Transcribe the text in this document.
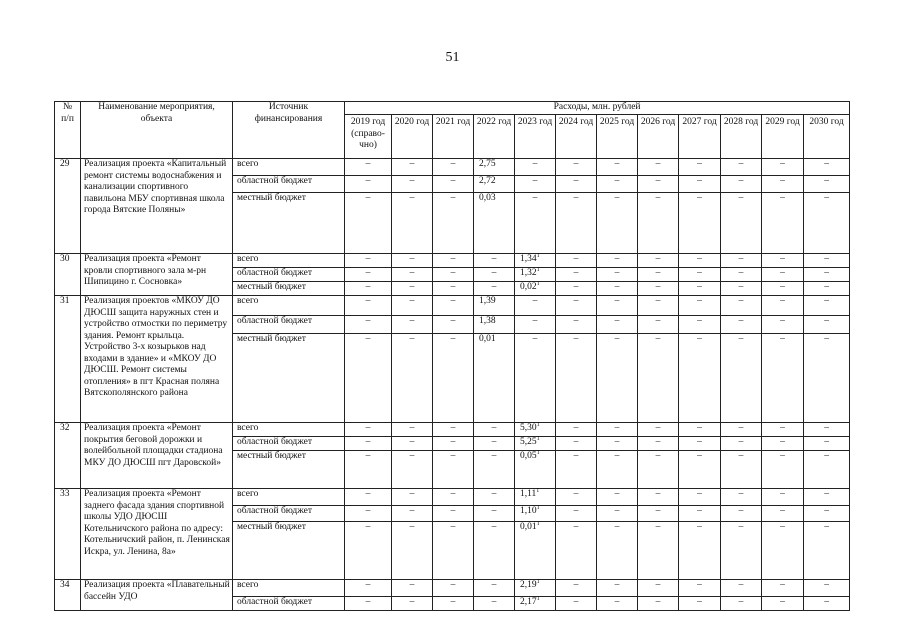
51
№ п/п	Наименование мероприятия, объекта	Источник финансирования	Расходы, млн. рублей											
			2019 год (справо-чно)	2020 год	2021 год	2022 год	2023 год	2024 год	2025 год	2026 год	2027 год	2028 год	2029 год	2030 год
29	Реализация проекта «Капитальный ремонт системы водоснабжения и канализации спортивного павильона МБУ спортивная школа города Вятские Поляны»	всего	–	–	–	2,75	–	–	–	–	–	–	–	–
		областной бюджет	–	–	–	2,72	–	–	–	–	–	–	–	–
		местный бюджет	–	–	–	0,03	–	–	–	–	–	–	–	–
30	Реализация проекта «Ремонт кровли спортивного зала м-рн Шипицино г. Сосновка»	всего	–	–	–	–	1,34$^1$	–	–	–	–	–	–	–
		областной бюджет	–	–	–	–	1,32$^1$	–	–	–	–	–	–	–
		местный бюджет	–	–	–	–	0,02$^1$	–	–	–	–	–	–	–
31	Реализация проектов «МКОУ ДО ДЮСШ защита наружных стен и устройство отмостки по периметру здания. Ремонт крыльца. Устройство 3-х козырьков над входами в здание» и «МКОУ ДО ДЮСШ. Ремонт системы отопления» в пгт Красная поляна Вятскополянского района	всего	–	–	–	1,39	–	–	–	–	–	–	–	–
		областной бюджет	–	–	–	1,38	–	–	–	–	–	–	–	–
		местный бюджет	–	–	–	0,01	–	–	–	–	–	–	–	–
32	Реализация проекта «Ремонт покрытия беговой дорожки и волейбольной площадки стадиона МКУ ДО ДЮСШ пгт Даровской»	всего	–	–	–	–	5,30$^1$	–	–	–	–	–	–	–
		областной бюджет	–	–	–	–	5,25$^1$	–	–	–	–	–	–	–
		местный бюджет	–	–	–	–	0,05$^1$	–	–	–	–	–	–	–
33	Реализация проекта «Ремонт заднего фасада здания спортивной школы УДО ДЮСШ Котельничского района по адресу: Котельничский район, п. Ленинская Искра, ул. Ленина, 8а»	всего	–	–	–	–	1,11$^1$	–	–	–	–	–	–	–
		областной бюджет	–	–	–	–	1,10$^1$	–	–	–	–	–	–	–
		местный бюджет	–	–	–	–	0,01$^1$	–	–	–	–	–	–	–
34	Реализация проекта «Плавательный бассейн УДО	всего	–	–	–	–	2,19$^1$	–	–	–	–	–	–	–
		областной бюджет	–	–	–	–	2,17$^1$	–	–	–	–	–	–	–
